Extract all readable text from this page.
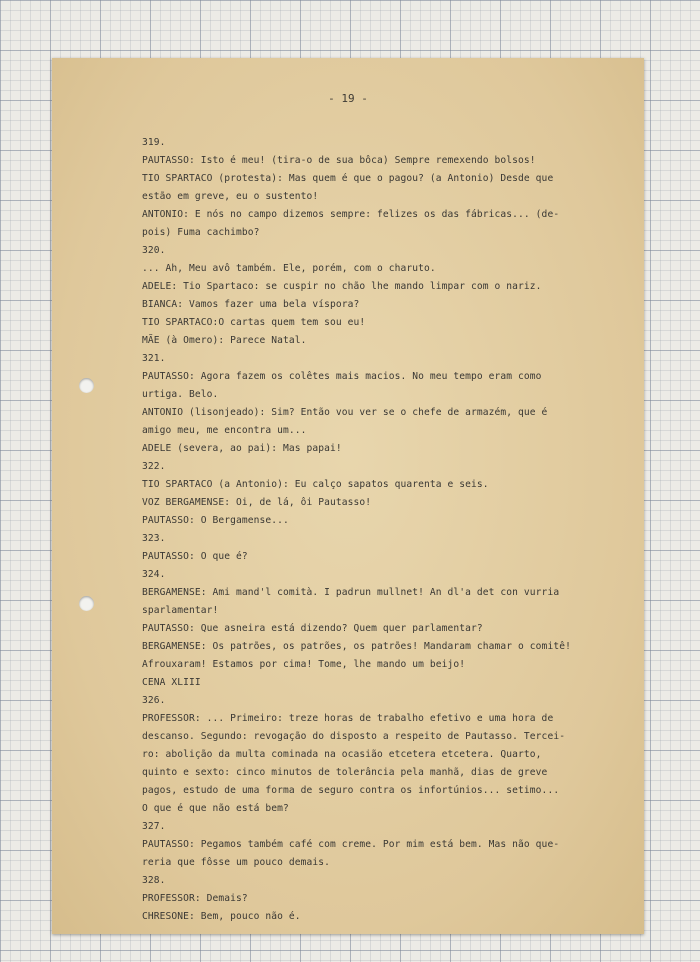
- 19 -
319.
PAUTASSO: Isto é meu! (tira-o de sua bôca) Sempre remexendo bolsos!
TIO SPARTACO (protesta): Mas quem é que o pagou? (a Antonio) Desde que
estão em greve, eu o sustento!
ANTONIO: E nós no campo dizemos sempre: felizes os das fábricas... (de-
pois) Fuma cachimbo?
320.
... Ah, Meu avô também. Ele, porém, com o charuto.
ADELE: Tio Spartaco: se cuspir no chão lhe mando limpar com o nariz.
BIANCA: Vamos fazer uma bela víspora?
TIO SPARTACO:O cartas quem tem sou eu!
MÃE (à Omero): Parece Natal.
321.
PAUTASSO: Agora fazem os colêtes mais macios. No meu tempo eram como
urtiga. Belo.
ANTONIO (lisonjeado): Sim? Então vou ver se o chefe de armazém, que é
amigo meu, me encontra um...
ADELE (severa, ao pai): Mas papai!
322.
TIO SPARTACO (a Antonio): Eu calço sapatos quarenta e seis.
VOZ BERGAMENSE: Oi, de lá, ôi Pautasso!
PAUTASSO: O Bergamense...
323.
PAUTASSO: O que é?
324.
BERGAMENSE: Ami mand'l comità. I padrun mullnet! An dl'a det con vurria
sparlamentar!
PAUTASSO: Que asneira está dizendo? Quem quer parlamentar?
BERGAMENSE: Os patrões, os patrões, os patrões! Mandaram chamar o comitê!
Afrouxaram! Estamos por cima! Tome, lhe mando um beijo!
CENA XLIII
326.
PROFESSOR: ... Primeiro: treze horas de trabalho efetivo e uma hora de
descanso. Segundo: revogação do disposto a respeito de Pautasso. Tercei-
ro: abolição da multa cominada na ocasião etcetera etcetera. Quarto,
quinto e sexto: cinco minutos de tolerância pela manhã, dias de greve
pagos, estudo de uma forma de seguro contra os infortúnios... setimo...
O que é que não está bem?
327.
PAUTASSO: Pegamos também café com creme. Por mim está bem. Mas não que-
reria que fôsse um pouco demais.
328.
PROFESSOR: Demais?
CHRESONE: Bem, pouco não é.
